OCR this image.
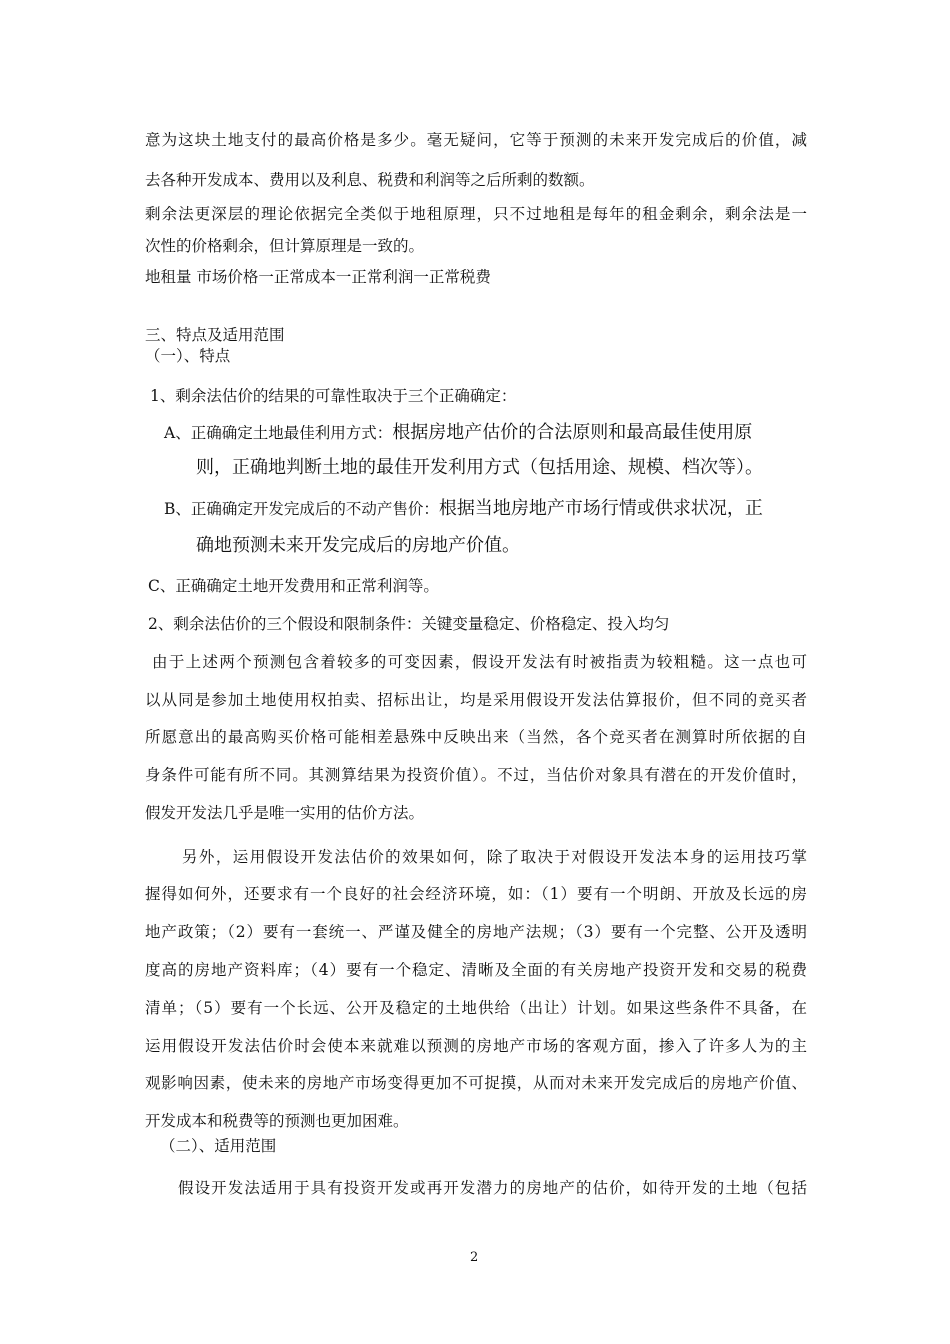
意为这块土地支付的最高价格是多少。毫无疑问，它等于预测的未来开发完成后的价值，减
去各种开发成本、费用以及利息、税费和利润等之后所剩的数额。
剩余法更深层的理论依据完全类似于地租原理，只不过地租是每年的租金剩余，剩余法是一
次性的价格剩余，但计算原理是一致的。
地租量 市场价格一正常成本一正常利润一正常税费
三、特点及适用范围
（一）、特点
1、剩余法估价的结果的可靠性取决于三个正确确定：
A、正确确定土地最佳利用方式：根据房地产估价的合法原则和最高最佳使用原
则，正确地判断土地的最佳开发利用方式（包括用途、规模、档次等）。
B、正确确定开发完成后的不动产售价：根据当地房地产市场行情或供求状况，正
确地预测未来开发完成后的房地产价值。
C、正确确定土地开发费用和正常利润等。
2、剩余法估价的三个假设和限制条件：关键变量稳定、价格稳定、投入均匀
由于上述两个预测包含着较多的可变因素，假设开发法有时被指责为较粗糙。这一点也可
以从同是参加土地使用权拍卖、招标出让，均是采用假设开发法估算报价，但不同的竞买者
所愿意出的最高购买价格可能相差悬殊中反映出来（当然，各个竞买者在测算时所依据的自
身条件可能有所不同。其测算结果为投资价值）。不过，当估价对象具有潜在的开发价值时，
假发开发法几乎是唯一实用的估价方法。
另外，运用假设开发法估价的效果如何，除了取决于对假设开发法本身的运用技巧掌
握得如何外，还要求有一个良好的社会经济环境，如：（1）要有一个明朗、开放及长远的房
地产政策；（2）要有一套统一、严谨及健全的房地产法规；（3）要有一个完整、公开及透明
度高的房地产资料库；（4）要有一个稳定、清晰及全面的有关房地产投资开发和交易的税费
清单；（5）要有一个长远、公开及稳定的土地供给（出让）计划。如果这些条件不具备，在
运用假设开发法估价时会使本来就难以预测的房地产市场的客观方面，掺入了许多人为的主
观影响因素，使未来的房地产市场变得更加不可捉摸，从而对未来开发完成后的房地产价值、
开发成本和税费等的预测也更加困难。
（二）、适用范围
假设开发法适用于具有投资开发或再开发潜力的房地产的估价，如待开发的土地（包括
2
